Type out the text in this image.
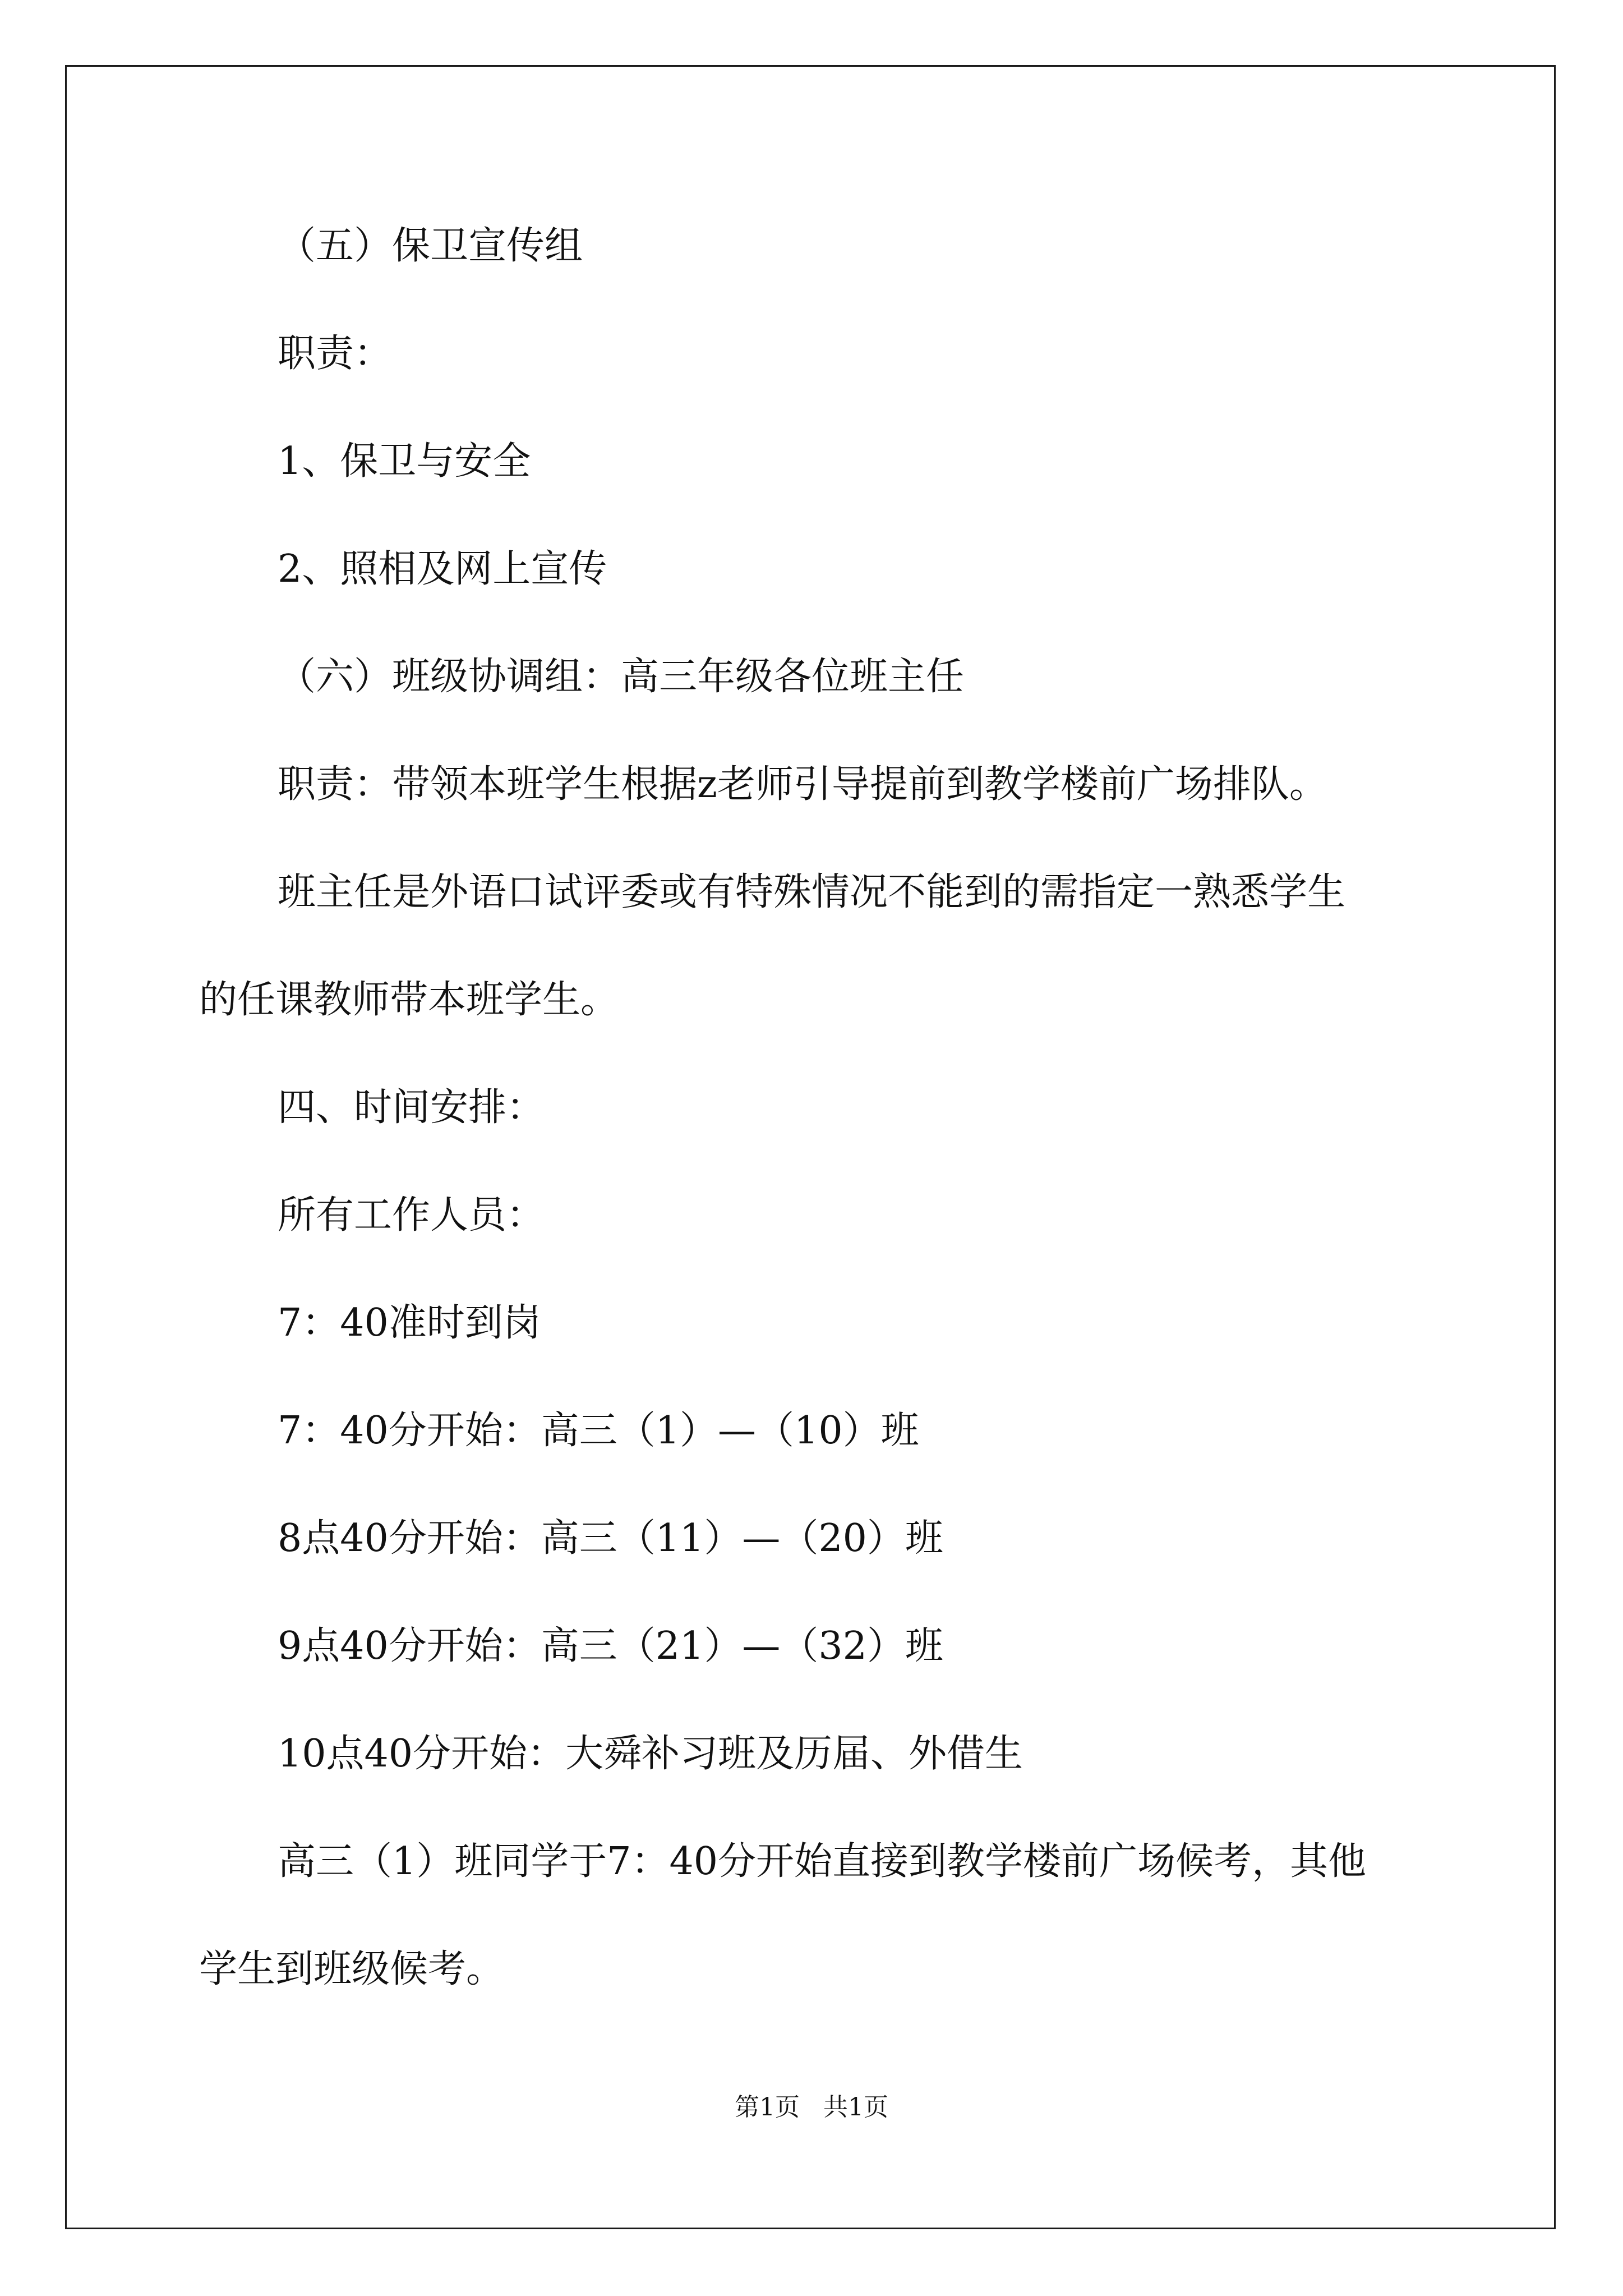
（五）保卫宣传组

职责：

1、保卫与安全

2、照相及网上宣传

（六）班级协调组：高三年级各位班主任

职责：带领本班学生根据z老师引导提前到教学楼前广场排队。

班主任是外语口试评委或有特殊情况不能到的需指定一熟悉学生

的任课教师带本班学生。

四、时间安排：

所有工作人员：

7：40准时到岗

7：40分开始：高三（1）—（10）班

8点40分开始：高三（11）—（20）班

9点40分开始：高三（21）—（32）班

10点40分开始：大舜补习班及历届、外借生

高三（1）班同学于7：40分开始直接到教学楼前广场候考，其他

学生到班级候考。

第1页   共1页
